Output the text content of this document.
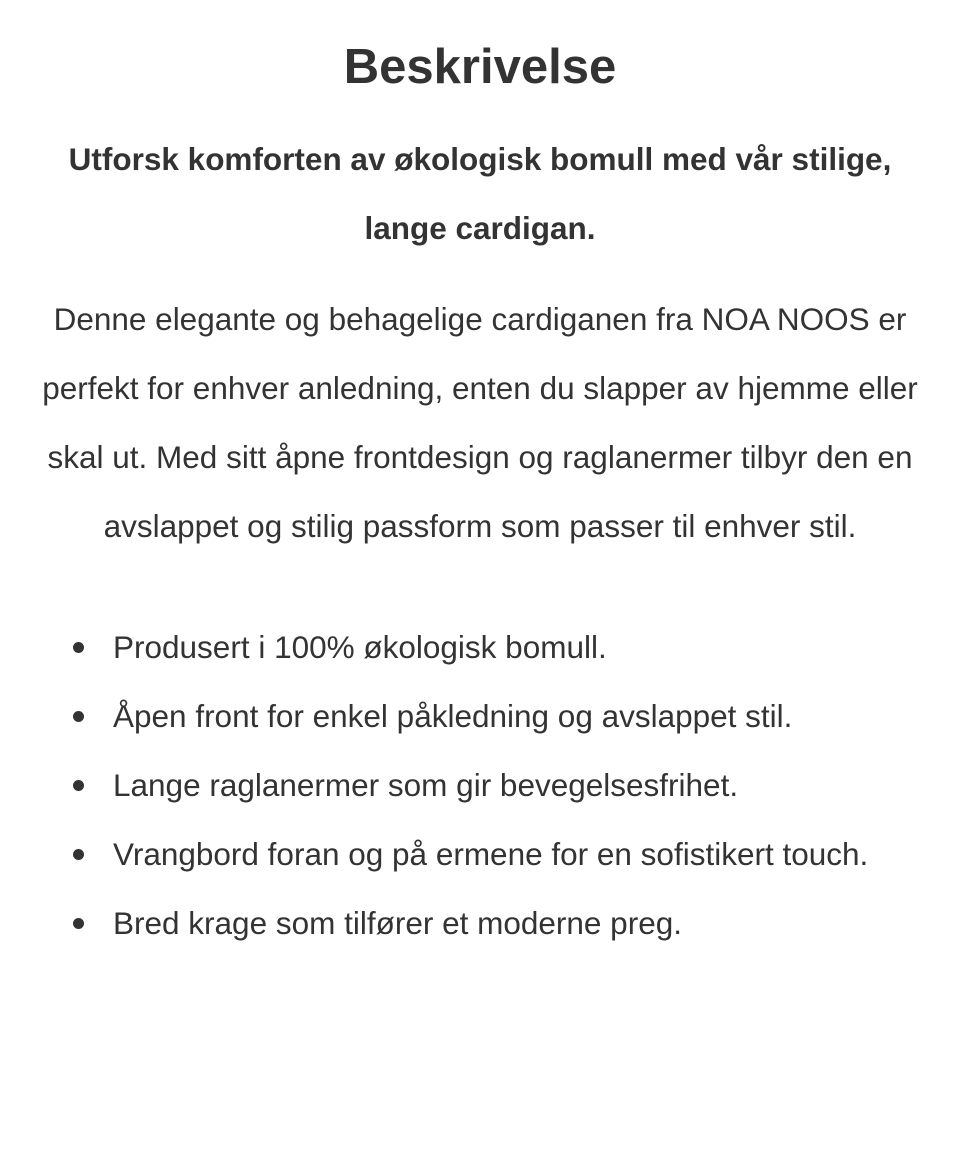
Beskrivelse

Utforsk komforten av økologisk bomull med vår stilige, lange cardigan.

Denne elegante og behagelige cardiganen fra NOA NOOS er perfekt for enhver anledning, enten du slapper av hjemme eller skal ut. Med sitt åpne frontdesign og raglanermer tilbyr den en avslappet og stilig passform som passer til enhver stil.

Produsert i 100% økologisk bomull.
Åpen front for enkel påkledning og avslappet stil.
Lange raglanermer som gir bevegelsesfrihet.
Vrangbord foran og på ermene for en sofistikert touch.
Bred krage som tilfører et moderne preg.
